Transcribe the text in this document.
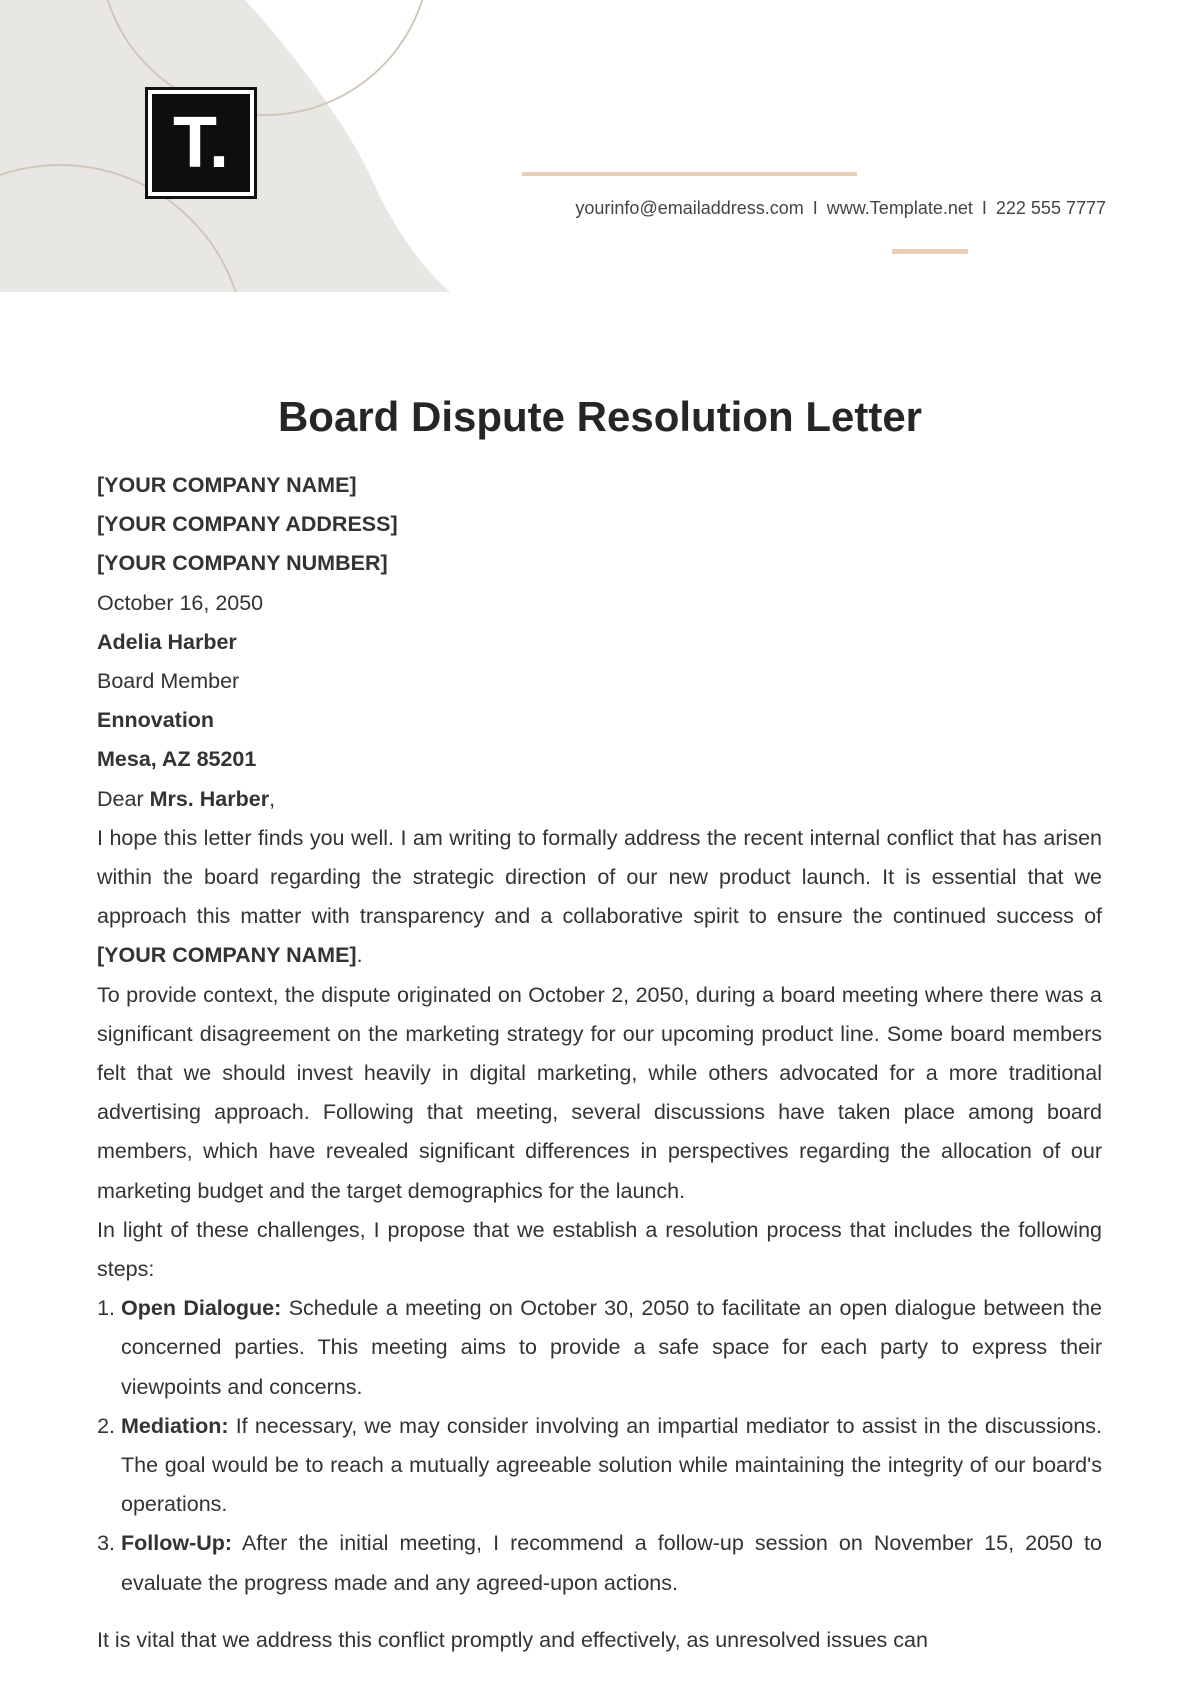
T.
yourinfo@emailaddress.com I www.Template.net I 222 555 7777
Board Dispute Resolution Letter

[YOUR COMPANY NAME]

[YOUR COMPANY ADDRESS]

[YOUR COMPANY NUMBER]

October 16, 2050

Adelia Harber

Board Member

Ennovation

Mesa, AZ 85201

Dear Mrs. Harber,

I hope this letter finds you well. I am writing to formally address the recent internal conflict that has arisen within the board regarding the strategic direction of our new product launch. It is essential that we approach this matter with transparency and a collaborative spirit to ensure the continued success of [YOUR COMPANY NAME].

To provide context, the dispute originated on October 2, 2050, during a board meeting where there was a significant disagreement on the marketing strategy for our upcoming product line. Some board members felt that we should invest heavily in digital marketing, while others advocated for a more traditional advertising approach. Following that meeting, several discussions have taken place among board members, which have revealed significant differences in perspectives regarding the allocation of our marketing budget and the target demographics for the launch.

In light of these challenges, I propose that we establish a resolution process that includes the following steps:

1. Open Dialogue: Schedule a meeting on October 30, 2050 to facilitate an open dialogue between the concerned parties. This meeting aims to provide a safe space for each party to express their viewpoints and concerns.
2. Mediation: If necessary, we may consider involving an impartial mediator to assist in the discussions. The goal would be to reach a mutually agreeable solution while maintaining the integrity of our board's operations.
3. Follow-Up: After the initial meeting, I recommend a follow-up session on November 15, 2050 to evaluate the progress made and any agreed-upon actions.

It is vital that we address this conflict promptly and effectively, as unresolved issues can
